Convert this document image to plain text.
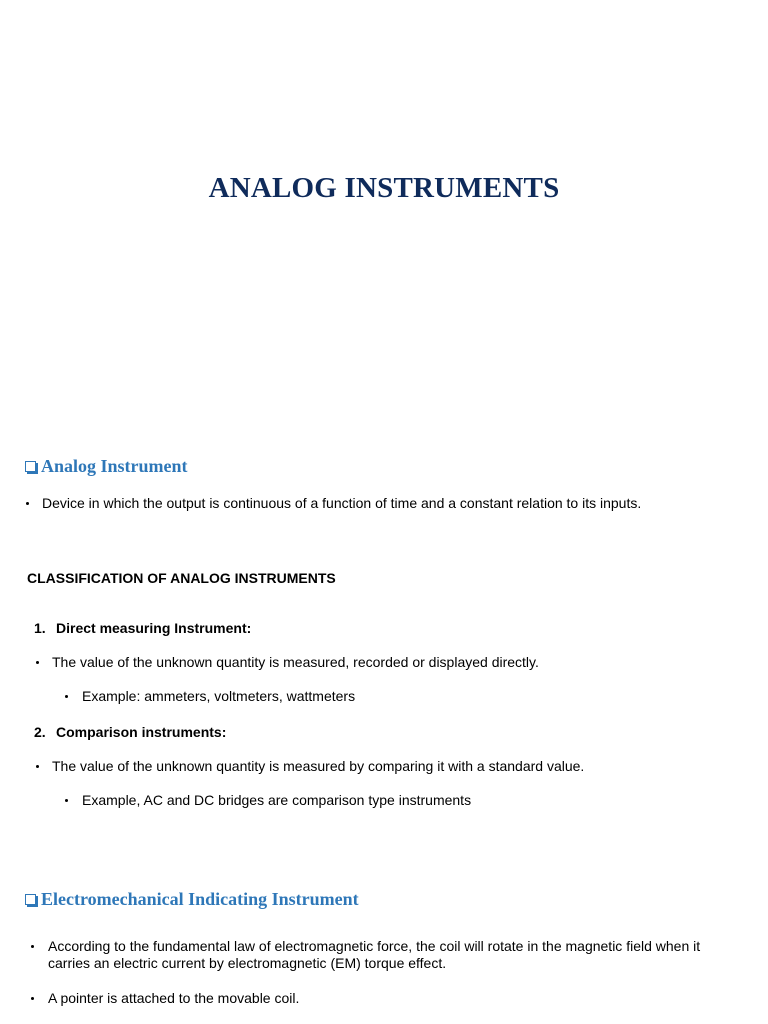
ANALOG INSTRUMENTS
Analog Instrument
Device in which the output is continuous of a function of time and a constant relation to its inputs.
CLASSIFICATION OF ANALOG INSTRUMENTS
1. Direct measuring Instrument:
The value of the unknown quantity is measured, recorded or displayed directly.
Example: ammeters, voltmeters, wattmeters
2. Comparison instruments:
The value of the unknown quantity is measured by comparing it with a standard value.
Example, AC and DC bridges are comparison type instruments
Electromechanical Indicating Instrument
According to the fundamental law of electromagnetic force, the coil will rotate in the magnetic field when it carries an electric current by electromagnetic (EM) torque effect.
A pointer is attached to the movable coil.
